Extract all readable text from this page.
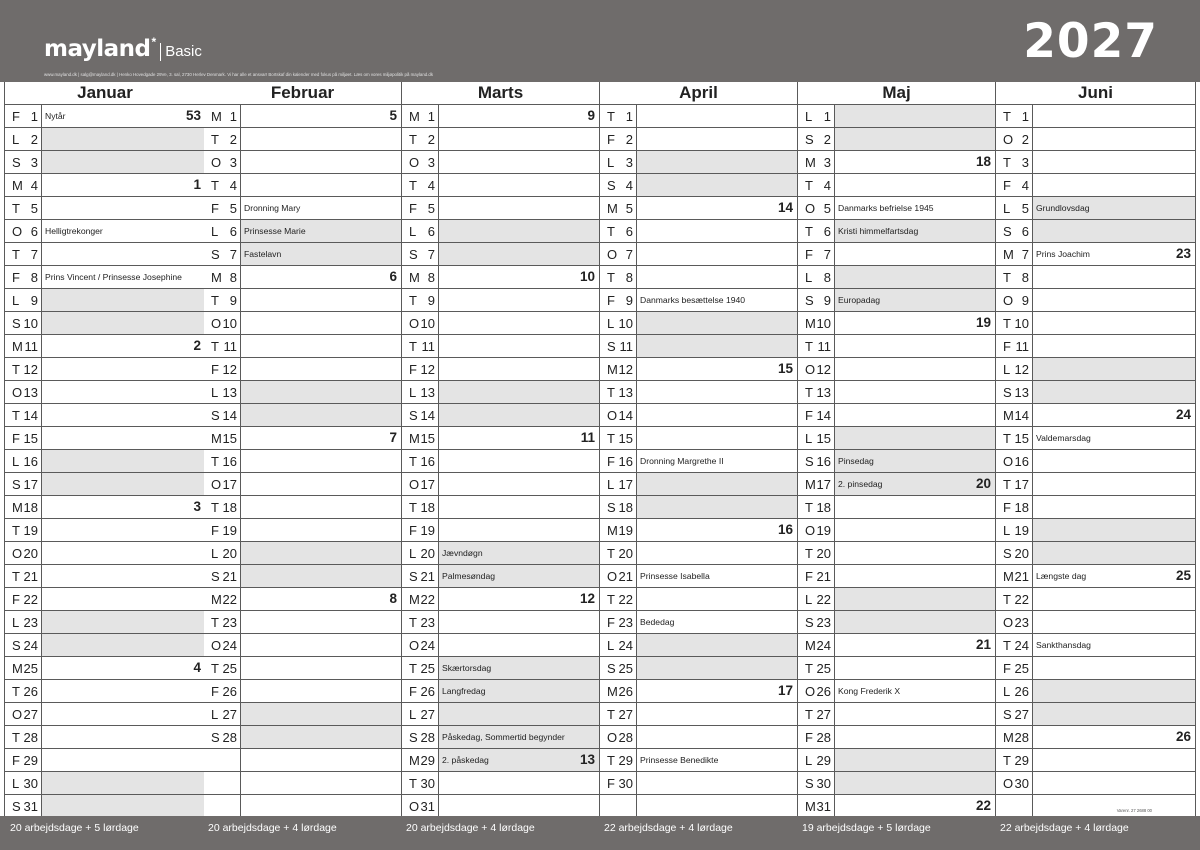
mayland *
Basic
www.mayland.dk | salg@mayland.dk | Henko Hovedgade 29Ve, 3. sal, 2730 Herlev Denmark. Vi har alle et ansvar! Bortskaf din kalender med fokus på miljøet. Læs om vores miljøpolitik på mayland.dk
2027
Januar
F 1 Nytår	53
L 2
S 3
M 4	1
T 5
O 6 Helligtrekonger
T 7
F 8 Prins Vincent / Prinsesse Josephine
L 9
S 10
M 11	2
T 12
O 13
T 14
F 15
L 16
S 17
M 18	3
T 19
O 20
T 21
F 22
L 23
S 24
M 25	4
T 26
O 27
T 28
F 29
L 30
S 31
Februar
M 1	5
T 2
O 3
T 4
F 5 Dronning Mary
L 6 Prinsesse Marie
S 7 Fastelavn
M 8	6
T 9
O 10
T 11
F 12
L 13
S 14
M 15	7
T 16
O 17
T 18
F 19
L 20
S 21
M 22	8
T 23
O 24
T 25
F 26
L 27
S 28
Marts
M 1	9
T 2
O 3
T 4
F 5
L 6
S 7
M 8	10
T 9
O 10
T 11
F 12
L 13
S 14
M 15	11
T 16
O 17
T 18
F 19
L 20 Jævndøgn
S 21 Palmesøndag
M 22	12
T 23
O 24
T 25 Skærtorsdag
F 26 Langfredag
L 27
S 28 Påskedag, Sommertid begynder
M 29 2. påskedag	13
T 30
O 31
April
T 1
F 2
L 3
S 4
M 5	14
T 6
O 7
T 8
F 9 Danmarks besættelse 1940
L 10
S 11
M 12	15
T 13
O 14
T 15
F 16 Dronning Margrethe II
L 17
S 18
M 19	16
T 20
O 21 Prinsesse Isabella
T 22
F 23 Bededag
L 24
S 25
M 26	17
T 27
O 28
T 29 Prinsesse Benedikte
F 30
Maj
L 1
S 2
M 3	18
T 4
O 5 Danmarks befrielse 1945
T 6 Kristi himmelfartsdag
F 7
L 8
S 9 Europadag
M 10	19
T 11
O 12
T 13
F 14
L 15
S 16 Pinsedag
M 17 2. pinsedag	20
T 18
O 19
T 20
F 21
L 22
S 23
M 24	21
T 25
O 26 Kong Frederik X
T 27
F 28
L 29
S 30
M 31	22
Juni
T 1
O 2
T 3
F 4
L 5 Grundlovsdag
S 6
M 7 Prins Joachim	23
T 8
O 9
T 10
F 11
L 12
S 13
M 14	24
T 15 Valdemarsdag
O 16
T 17
F 18
L 19
S 20
M 21 Længste dag	25
T 22
O 23
T 24 Sankthansdag
F 25
L 26
S 27
M 28	26
T 29
O 30
Varenr. 27 2688 00
20 arbejdsdage + 5 lørdage	20 arbejdsdage + 4 lørdage	20 arbejdsdage + 4 lørdage	22 arbejdsdage + 4 lørdage	19 arbejdsdage + 5 lørdage	22 arbejdsdage + 4 lørdage
